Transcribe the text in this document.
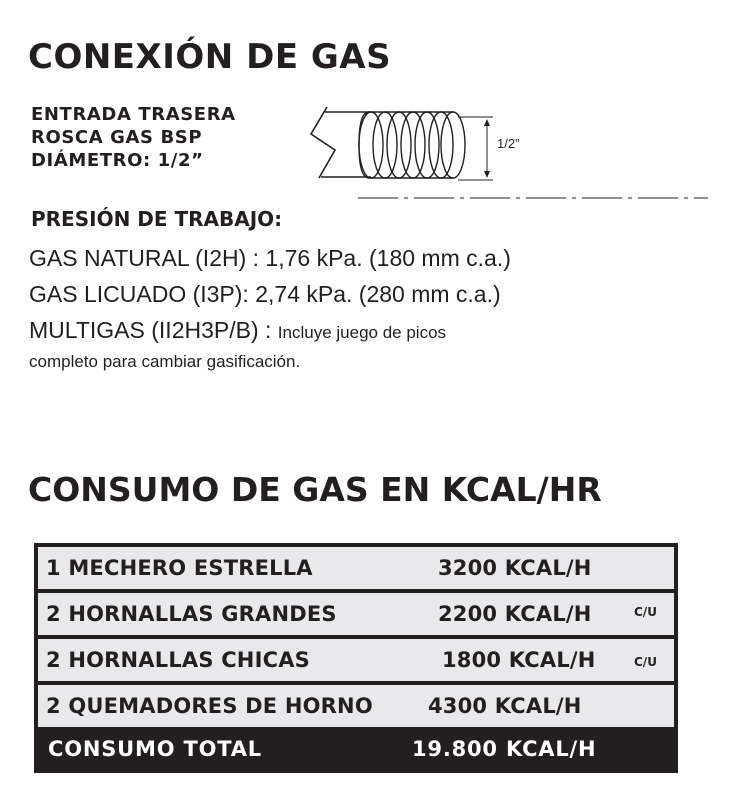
CONEXIÓN DE GAS
ENTRADA TRASERA
ROSCA GAS BSP
DIÁMETRO: 1/2”
1/2”
PRESIÓN DE TRABAJO:
GAS NATURAL (I2H) : 1,76 kPa. (180 mm c.a.)
GAS LICUADO (I3P): 2,74 kPa. (280 mm c.a.)
MULTIGAS (II2H3P/B) : Incluye juego de picos
completo para cambiar gasificación.
CONSUMO DE GAS EN KCAL/HR
1 MECHERO ESTRELLA	3200 KCAL/H
2 HORNALLAS GRANDES	2200 KCAL/H	C/U
2 HORNALLAS CHICAS	1800 KCAL/H	C/U
2 QUEMADORES DE HORNO	4300 KCAL/H
CONSUMO TOTAL	19.800 KCAL/H
